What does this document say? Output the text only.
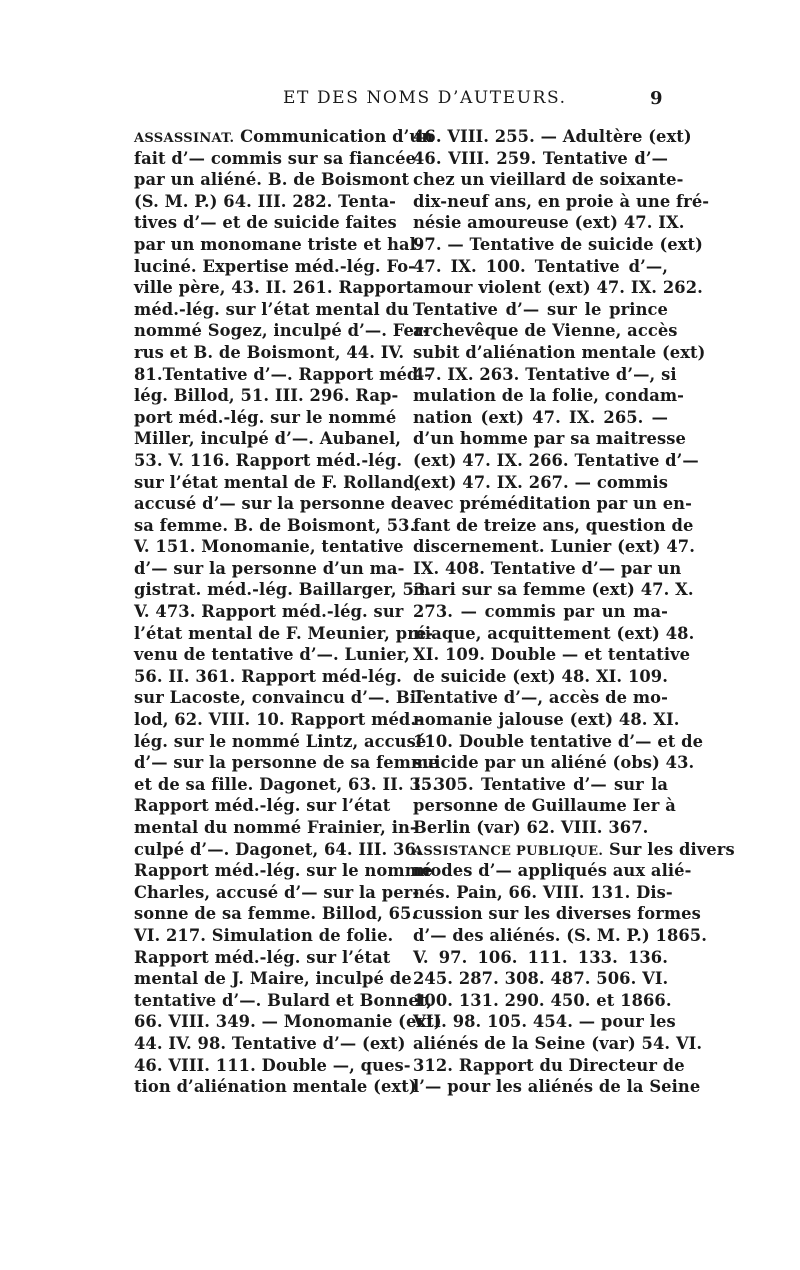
ET DES NOMS D’AUTEURS.	9
ASSASSINAT. Communication d’un
fait d’— commis sur sa fiancée
par un aliéné. B. de Boismont
(S. M. P.) 64. III. 282. Tenta-
tives d’— et de suicide faites
par un monomane triste et hal-
luciné. Expertise méd.-lég. Fo-
ville père, 43. II. 261. Rapport
méd.-lég. sur l’état mental du
nommé Sogez, inculpé d’—. Fer-
rus et B. de Boismont, 44. IV.
81.Tentative d’—. Rapport méd.-
lég. Billod, 51. III. 296. Rap-
port méd.-lég. sur le nommé
Miller, inculpé d’—. Aubanel,
53. V. 116. Rapport méd.-lég.
sur l’état mental de F. Rolland,
accusé d’— sur la personne de
sa femme. B. de Boismont, 53.
V. 151. Monomanie, tentative
d’— sur la personne d’un ma-
gistrat. méd.-lég. Baillarger, 53.
V. 473. Rapport méd.-lég. sur
l’état mental de F. Meunier, pré-
venu de tentative d’—. Lunier,
56. II. 361. Rapport méd-lég.
sur Lacoste, convaincu d’—. Bil-
lod, 62. VIII. 10. Rapport méd.-
lég. sur le nommé Lintz, accusé
d’— sur la personne de sa femme
et de sa fille. Dagonet, 63. II. 35.
Rapport méd.-lég. sur l’état
mental du nommé Frainier, in-
culpé d’—. Dagonet, 64. III. 36.
Rapport méd.-lég. sur le nommé
Charles, accusé d’— sur la per-
sonne de sa femme. Billod, 65.
VI. 217. Simulation de folie.
Rapport méd.-lég. sur l’état
mental de J. Maire, inculpé de
tentative d’—. Bulard et Bonnet,
66. VIII. 349. — Monomanie (ext)
44. IV. 98. Tentative d’— (ext)
46. VIII. 111. Double —, ques-
tion d’aliénation mentale (ext)
46. VIII. 255. — Adultère (ext)
46. VIII. 259. Tentative d’—
chez un vieillard de soixante-
dix-neuf ans, en proie à une fré-
nésie amoureuse (ext) 47. IX.
97. — Tentative de suicide (ext)
47. IX. 100. Tentative d’—,
amour violent (ext) 47. IX. 262.
Tentative d’— sur le prince
archevêque de Vienne, accès
subit d’aliénation mentale (ext)
47. IX. 263. Tentative d’—, si
mulation de la folie, condam-
nation (ext) 47. IX. 265. —
d’un homme par sa maitresse
(ext) 47. IX. 266. Tentative d’—
(ext) 47. IX. 267. — commis
avec préméditation par un en-
fant de treize ans, question de
discernement. Lunier (ext) 47.
IX. 408. Tentative d’— par un
mari sur sa femme (ext) 47. X.
273. — commis par un ma-
niaque, acquittement (ext) 48.
XI. 109. Double — et tentative
de suicide (ext) 48. XI. 109.
Tentative d’—, accès de mo-
nomanie jalouse (ext) 48. XI.
110. Double tentative d’— et de
suicide par un aliéné (obs) 43.
I. 305. Tentative d’— sur la
personne de Guillaume Ier à
Berlin (var) 62. VIII. 367.
ASSISTANCE PUBLIQUE. Sur les divers
modes d’— appliqués aux alié-
nés. Pain, 66. VIII. 131. Dis-
cussion sur les diverses formes
d’— des aliénés. (S. M. P.) 1865.
V. 97. 106. 111. 133. 136.
245. 287. 308. 487. 506. VI.
100. 131. 290. 450. et 1866.
VII. 98. 105. 454. — pour les
aliénés de la Seine (var) 54. VI.
312. Rapport du Directeur de
l’— pour les aliénés de la Seine
